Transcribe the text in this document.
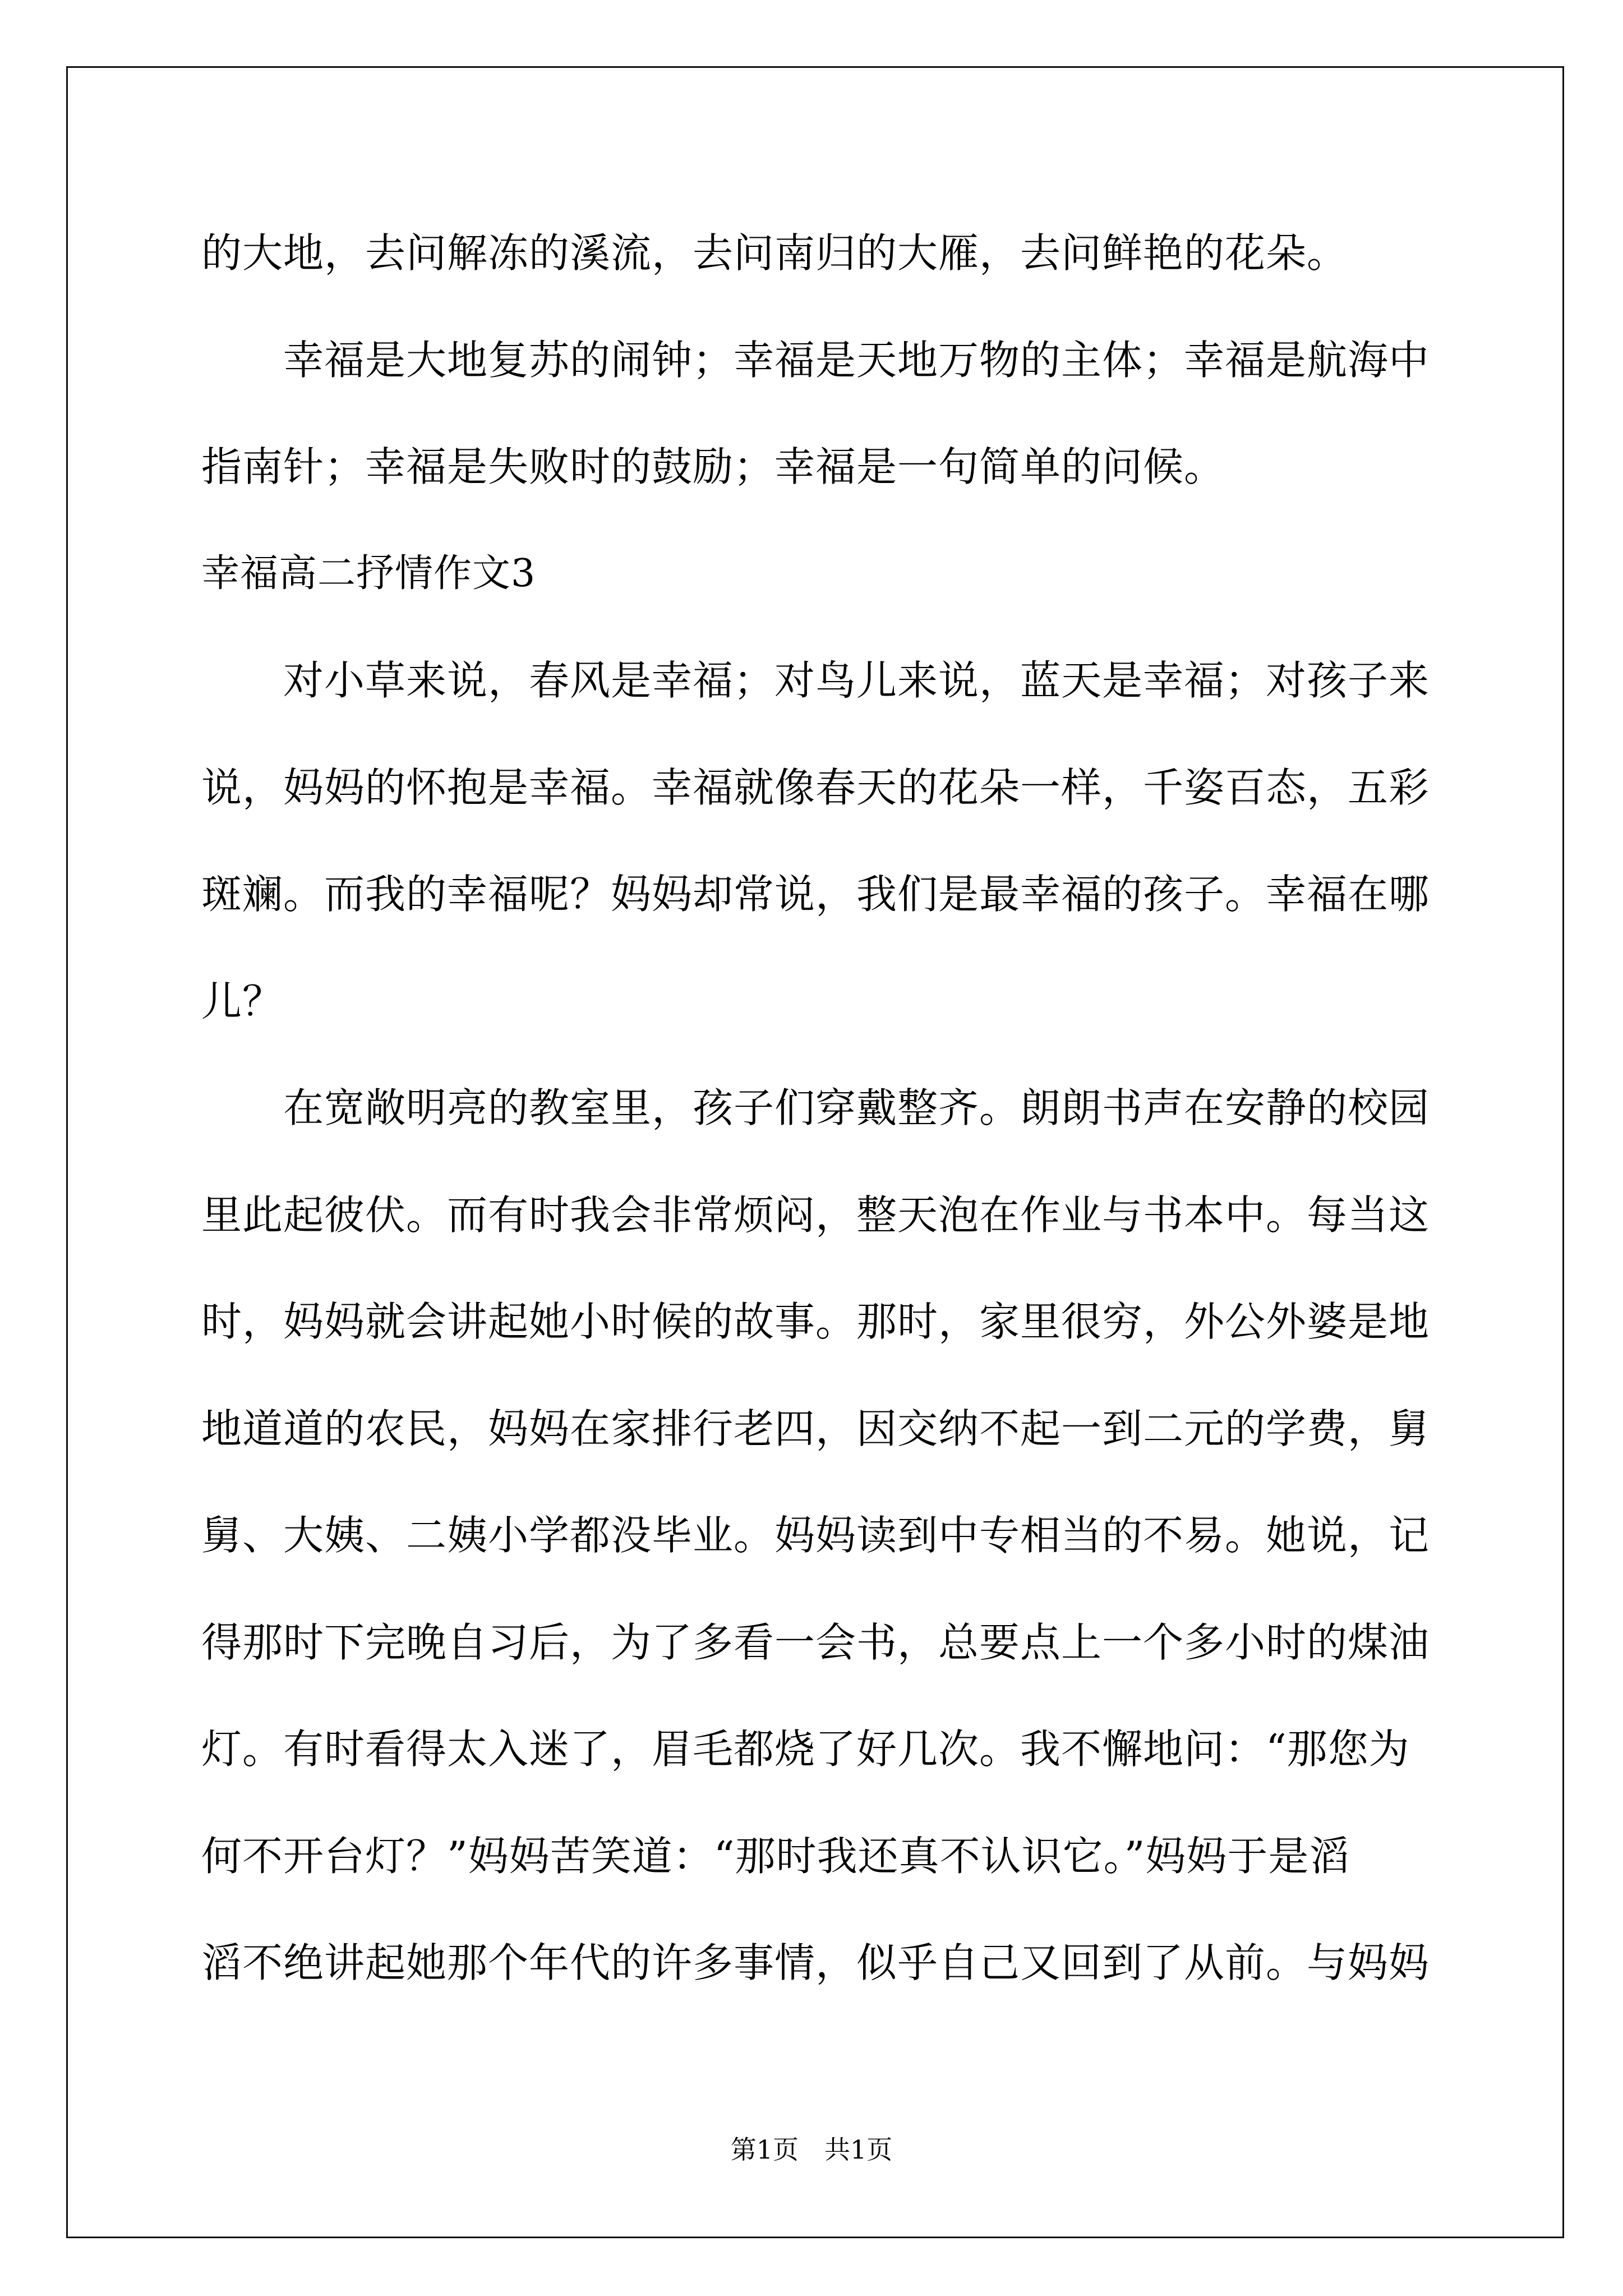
的大地，去问解冻的溪流，去问南归的大雁，去问鲜艳的花朵。
幸福是大地复苏的闹钟；幸福是天地万物的主体；幸福是航海中
指南针；幸福是失败时的鼓励；幸福是一句简单的问候。
幸福高二抒情作文3
对小草来说，春风是幸福；对鸟儿来说，蓝天是幸福；对孩子来
说，妈妈的怀抱是幸福。幸福就像春天的花朵一样，千姿百态，五彩
斑斓。而我的幸福呢？妈妈却常说，我们是最幸福的孩子。幸福在哪
儿？
在宽敞明亮的教室里，孩子们穿戴整齐。朗朗书声在安静的校园
里此起彼伏。而有时我会非常烦闷，整天泡在作业与书本中。每当这
时，妈妈就会讲起她小时候的故事。那时，家里很穷，外公外婆是地
地道道的农民，妈妈在家排行老四，因交纳不起一到二元的学费，舅
舅、大姨、二姨小学都没毕业。妈妈读到中专相当的不易。她说，记
得那时下完晚自习后，为了多看一会书，总要点上一个多小时的煤油
灯。有时看得太入迷了，眉毛都烧了好几次。我不懈地问：“那您为
何不开台灯？”妈妈苦笑道：“那时我还真不认识它。”妈妈于是滔
滔不绝讲起她那个年代的许多事情，似乎自己又回到了从前。与妈妈
第1页 共1页
